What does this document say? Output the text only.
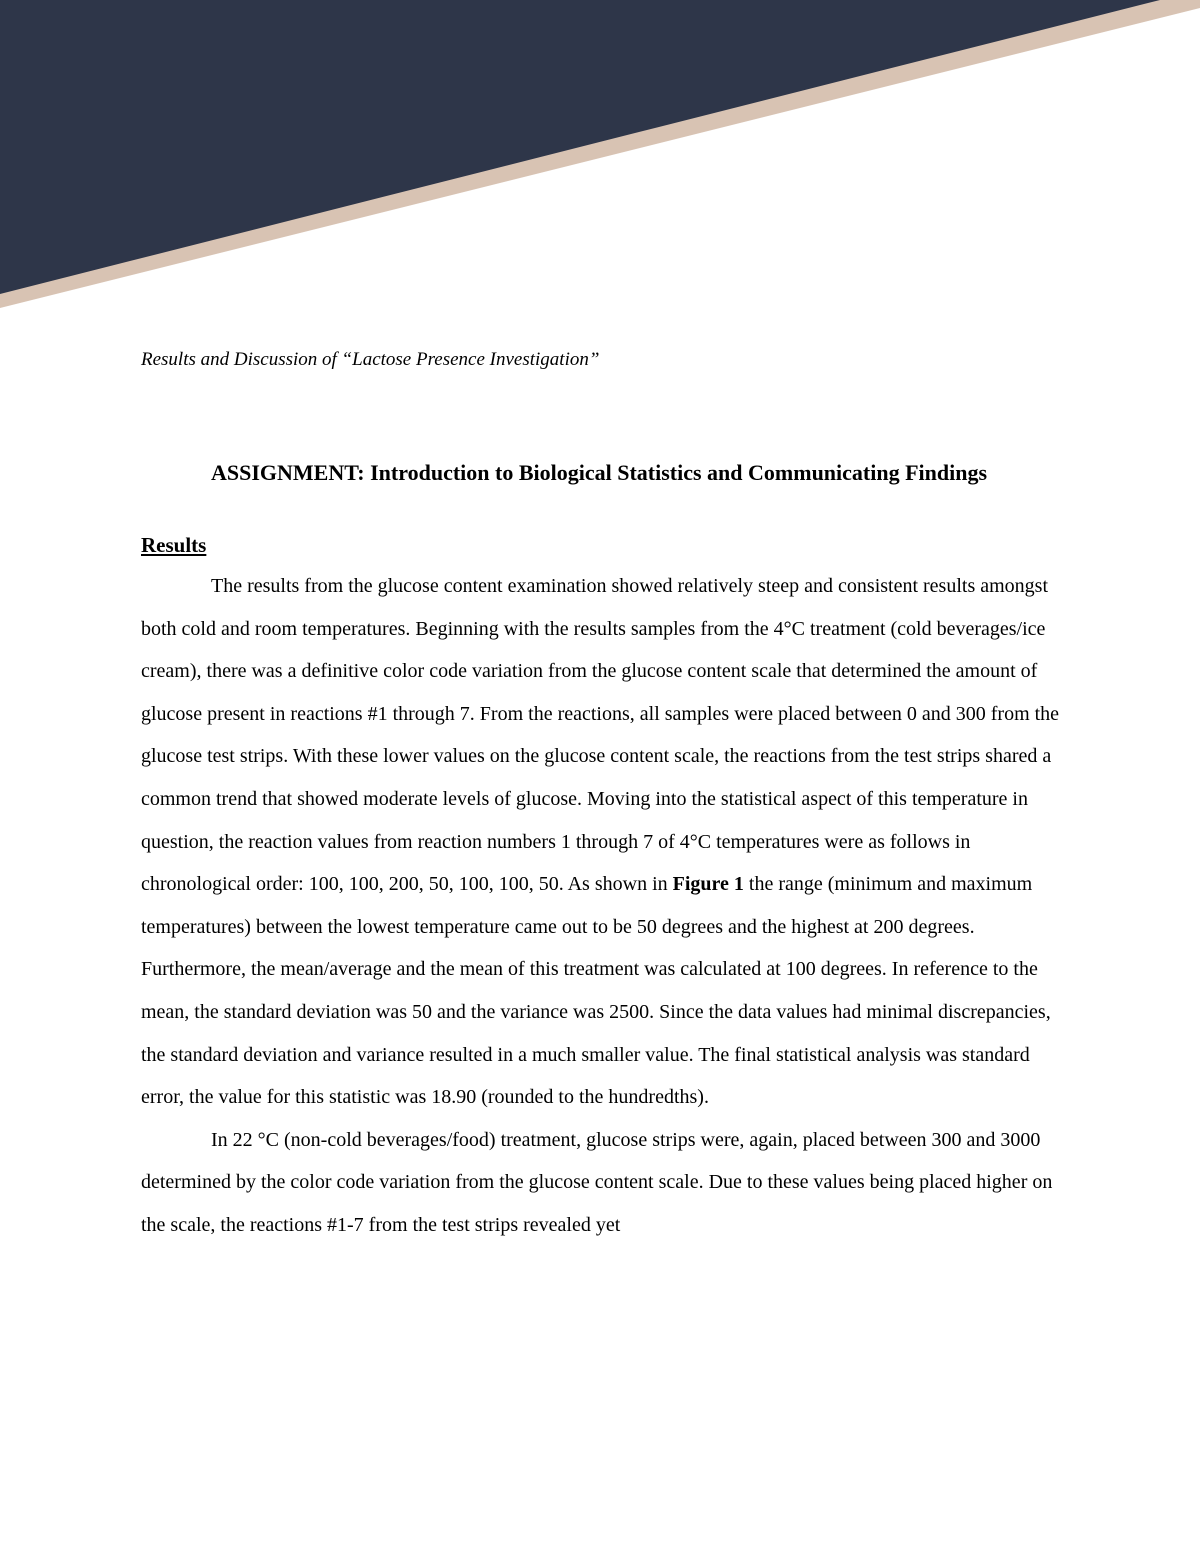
Results and Discussion of “Lactose Presence Investigation”

ASSIGNMENT: Introduction to Biological Statistics and Communicating Findings

Results

The results from the glucose content examination showed relatively steep and consistent results amongst both cold and room temperatures. Beginning with the results samples from the 4°C treatment (cold beverages/ice cream), there was a definitive color code variation from the glucose content scale that determined the amount of glucose present in reactions #1 through 7. From the reactions, all samples were placed between 0 and 300 from the glucose test strips. With these lower values on the glucose content scale, the reactions from the test strips shared a common trend that showed moderate levels of glucose. Moving into the statistical aspect of this temperature in question, the reaction values from reaction numbers 1 through 7 of 4°C temperatures were as follows in chronological order: 100, 100, 200, 50, 100, 100, 50. As shown in Figure 1 the range (minimum and maximum temperatures) between the lowest temperature came out to be 50 degrees and the highest at 200 degrees. Furthermore, the mean/average and the mean of this treatment was calculated at 100 degrees. In reference to the mean, the standard deviation was 50 and the variance was 2500. Since the data values had minimal discrepancies, the standard deviation and variance resulted in a much smaller value. The final statistical analysis was standard error, the value for this statistic was 18.90 (rounded to the hundredths).

In 22 °C (non-cold beverages/food) treatment, glucose strips were, again, placed between 300 and 3000 determined by the color code variation from the glucose content scale. Due to these values being placed higher on the scale, the reactions #1-7 from the test strips revealed yet
